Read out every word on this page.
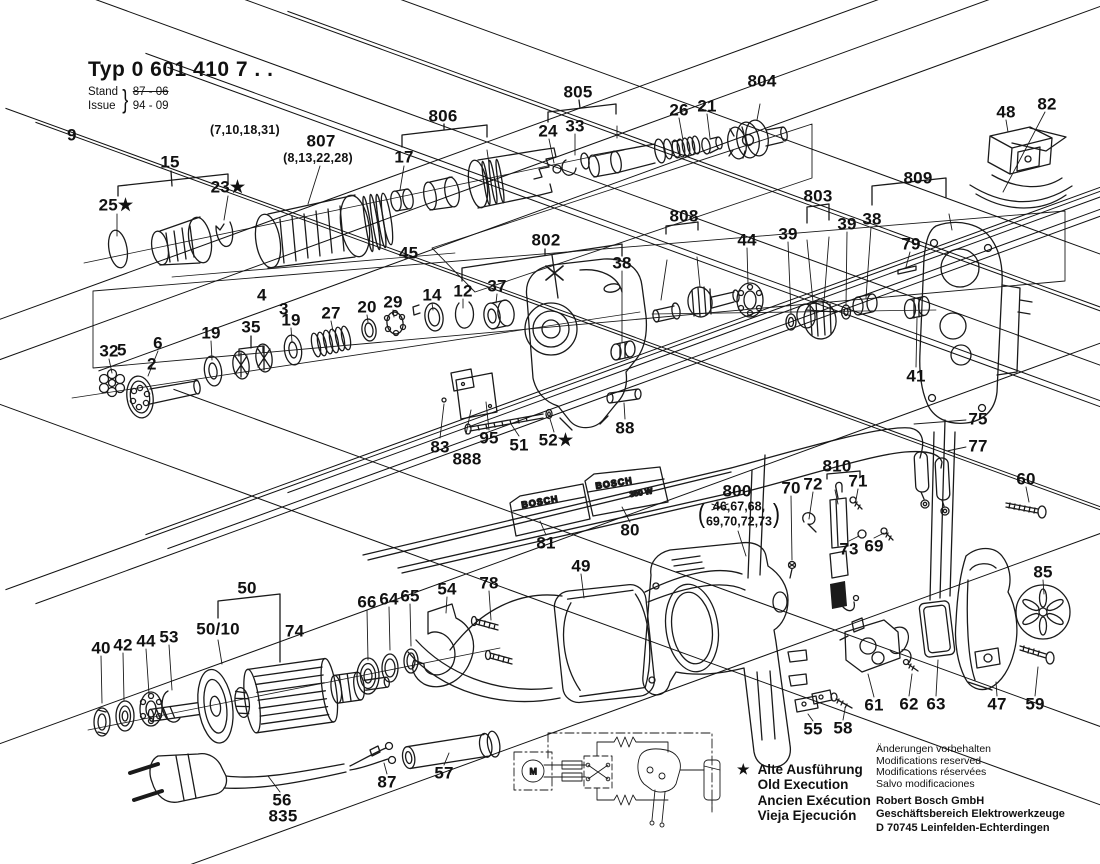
BOSCH
BOSCH
350 W
M
15
25★
23★
807
(8,13,22,28)
806
17
805
24 33
9
26 21
804
(7,10,18,31)
48 82
809
45
803
4
3
39
39 38
808
5
2
44	79
41
802
38
12 37
14
29
20
27
19
35
19
6
32
83
888
95 51 52★
88	75
77
810
74
71
70 72	60
800
73 69
85
49
54 78
66 64 65
50
50/10
40 42 44 53
55 58
61 62 63 47 59
56
835
87 57
80
81
Typ 0 601 410 7 . .
Stand
Issue } 87 - 06
94 - 09
( 46,67,68,
69,70,72,73 )
★ Alte Ausführung
Old Execution
Ancien Exécution
Vieja Ejecución
Änderungen vorbehalten
Modifications reserved
Modifications réservées
Salvo modificaciones
Robert Bosch GmbH
Geschäftsbereich Elektrowerkzeuge
D 70745 Leinfelden-Echterdingen
